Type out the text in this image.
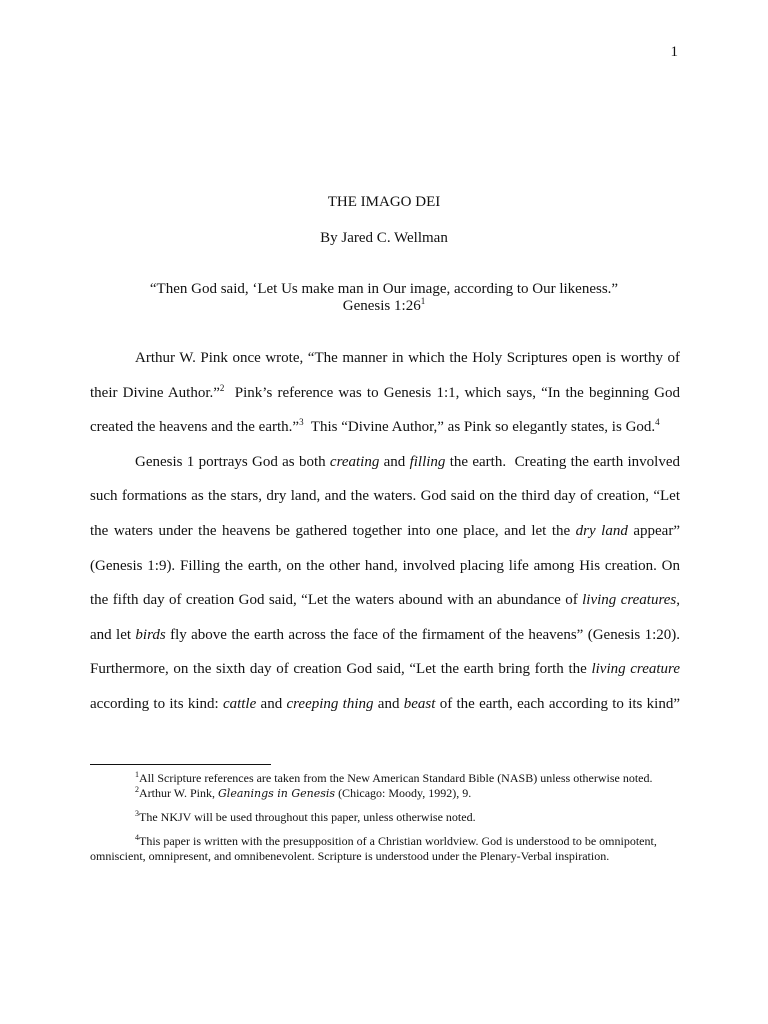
1
THE IMAGO DEI
By Jared C. Wellman
“Then God said, ‘Let Us make man in Our image, according to Our likeness.”
Genesis $1:26^1$
Arthur W. Pink once wrote, “The manner in which the Holy Scriptures open is worthy of
their Divine Author.”$^2$  Pink’s reference was to Genesis 1:1, which says, “In the beginning God
created the heavens and the earth.”$^3$  This “Divine Author,” as Pink so elegantly states, is God.$^4$
Genesis 1 portrays God as both creating and filling the earth.  Creating the earth involved
such formations as the stars, dry land, and the waters. God said on the third day of creation, “Let
the waters under the heavens be gathered together into one place, and let the dry land appear”
(Genesis 1:9). Filling the earth, on the other hand, involved placing life among His creation. On
the fifth day of creation God said, “Let the waters abound with an abundance of living creatures,
and let birds fly above the earth across the face of the firmament of the heavens” (Genesis 1:20).
Furthermore, on the sixth day of creation God said, “Let the earth bring forth the living creature
according to its kind: cattle and creeping thing and beast of the earth, each according to its kind”
$^1$All Scripture references are taken from the New American Standard Bible (NASB) unless otherwise noted.
$^2$Arthur W. Pink, Gleanings in Genesis (Chicago: Moody, 1992), 9.
$^3$The NKJV will be used throughout this paper, unless otherwise noted.
$^4$This paper is written with the presupposition of a Christian worldview. God is understood to be omnipotent, omniscient, omnipresent, and omnibenevolent. Scripture is understood under the Plenary-Verbal inspiration.
